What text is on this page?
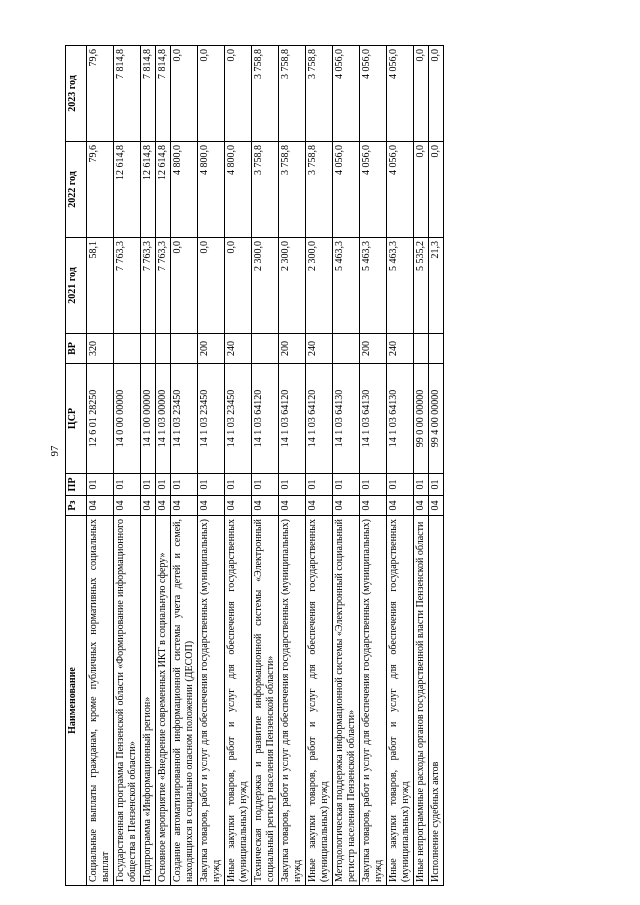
97
Наименование	Рз	ПР	ЦСР	ВР	2021 год	2022 год	2023 год
Социальные выплаты гражданам, кроме публичных нормативных социальных выплат	04	01	12 6 01 28250	320	58,1	79,6	79,6
Государственная программа Пензенской области «Формирование информационного общества в Пензенской области»	04	01	14 0 00 00000		7 763,3	12 614,8	7 814,8
Подпрограмма «Информационный регион»	04	01	14 1 00 00000		7 763,3	12 614,8	7 814,8
Основное мероприятие «Внедрение современных ИКТ в социальную сферу»	04	01	14 1 03 00000		7 763,3	12 614,8	7 814,8
Создание автоматизированной информационной системы учета детей и семей, находящихся в социально опасном положении (ДЕСОП)	04	01	14 1 03 23450		0,0	4 800,0	0,0
Закупка товаров, работ и услуг для обеспечения государственных (муниципальных) нужд	04	01	14 1 03 23450	200	0,0	4 800,0	0,0
Иные закупки товаров, работ и услуг для обеспечения государственных (муниципальных) нужд	04	01	14 1 03 23450	240	0,0	4 800,0	0,0
Техническая поддержка и развитие информационной системы «Электронный социальный регистр населения Пензенской области»	04	01	14 1 03 64120		2 300,0	3 758,8	3 758,8
Закупка товаров, работ и услуг для обеспечения государственных (муниципальных) нужд	04	01	14 1 03 64120	200	2 300,0	3 758,8	3 758,8
Иные закупки товаров, работ и услуг для обеспечения государственных (муниципальных) нужд	04	01	14 1 03 64120	240	2 300,0	3 758,8	3 758,8
Методологическая поддержка информационной системы «Электронный социальный регистр населения Пензенской области»	04	01	14 1 03 64130		5 463,3	4 056,0	4 056,0
Закупка товаров, работ и услуг для обеспечения государственных (муниципальных) нужд	04	01	14 1 03 64130	200	5 463,3	4 056,0	4 056,0
Иные закупки товаров, работ и услуг для обеспечения государственных (муниципальных) нужд	04	01	14 1 03 64130	240	5 463,3	4 056,0	4 056,0
Иные непрограммные расходы органов государственной власти Пензенской области	04	01	99 0 00 00000		5 535,2	0,0	0,0
Исполнение судебных актов	04	01	99 4 00 00000		21,3	0,0	0,0
